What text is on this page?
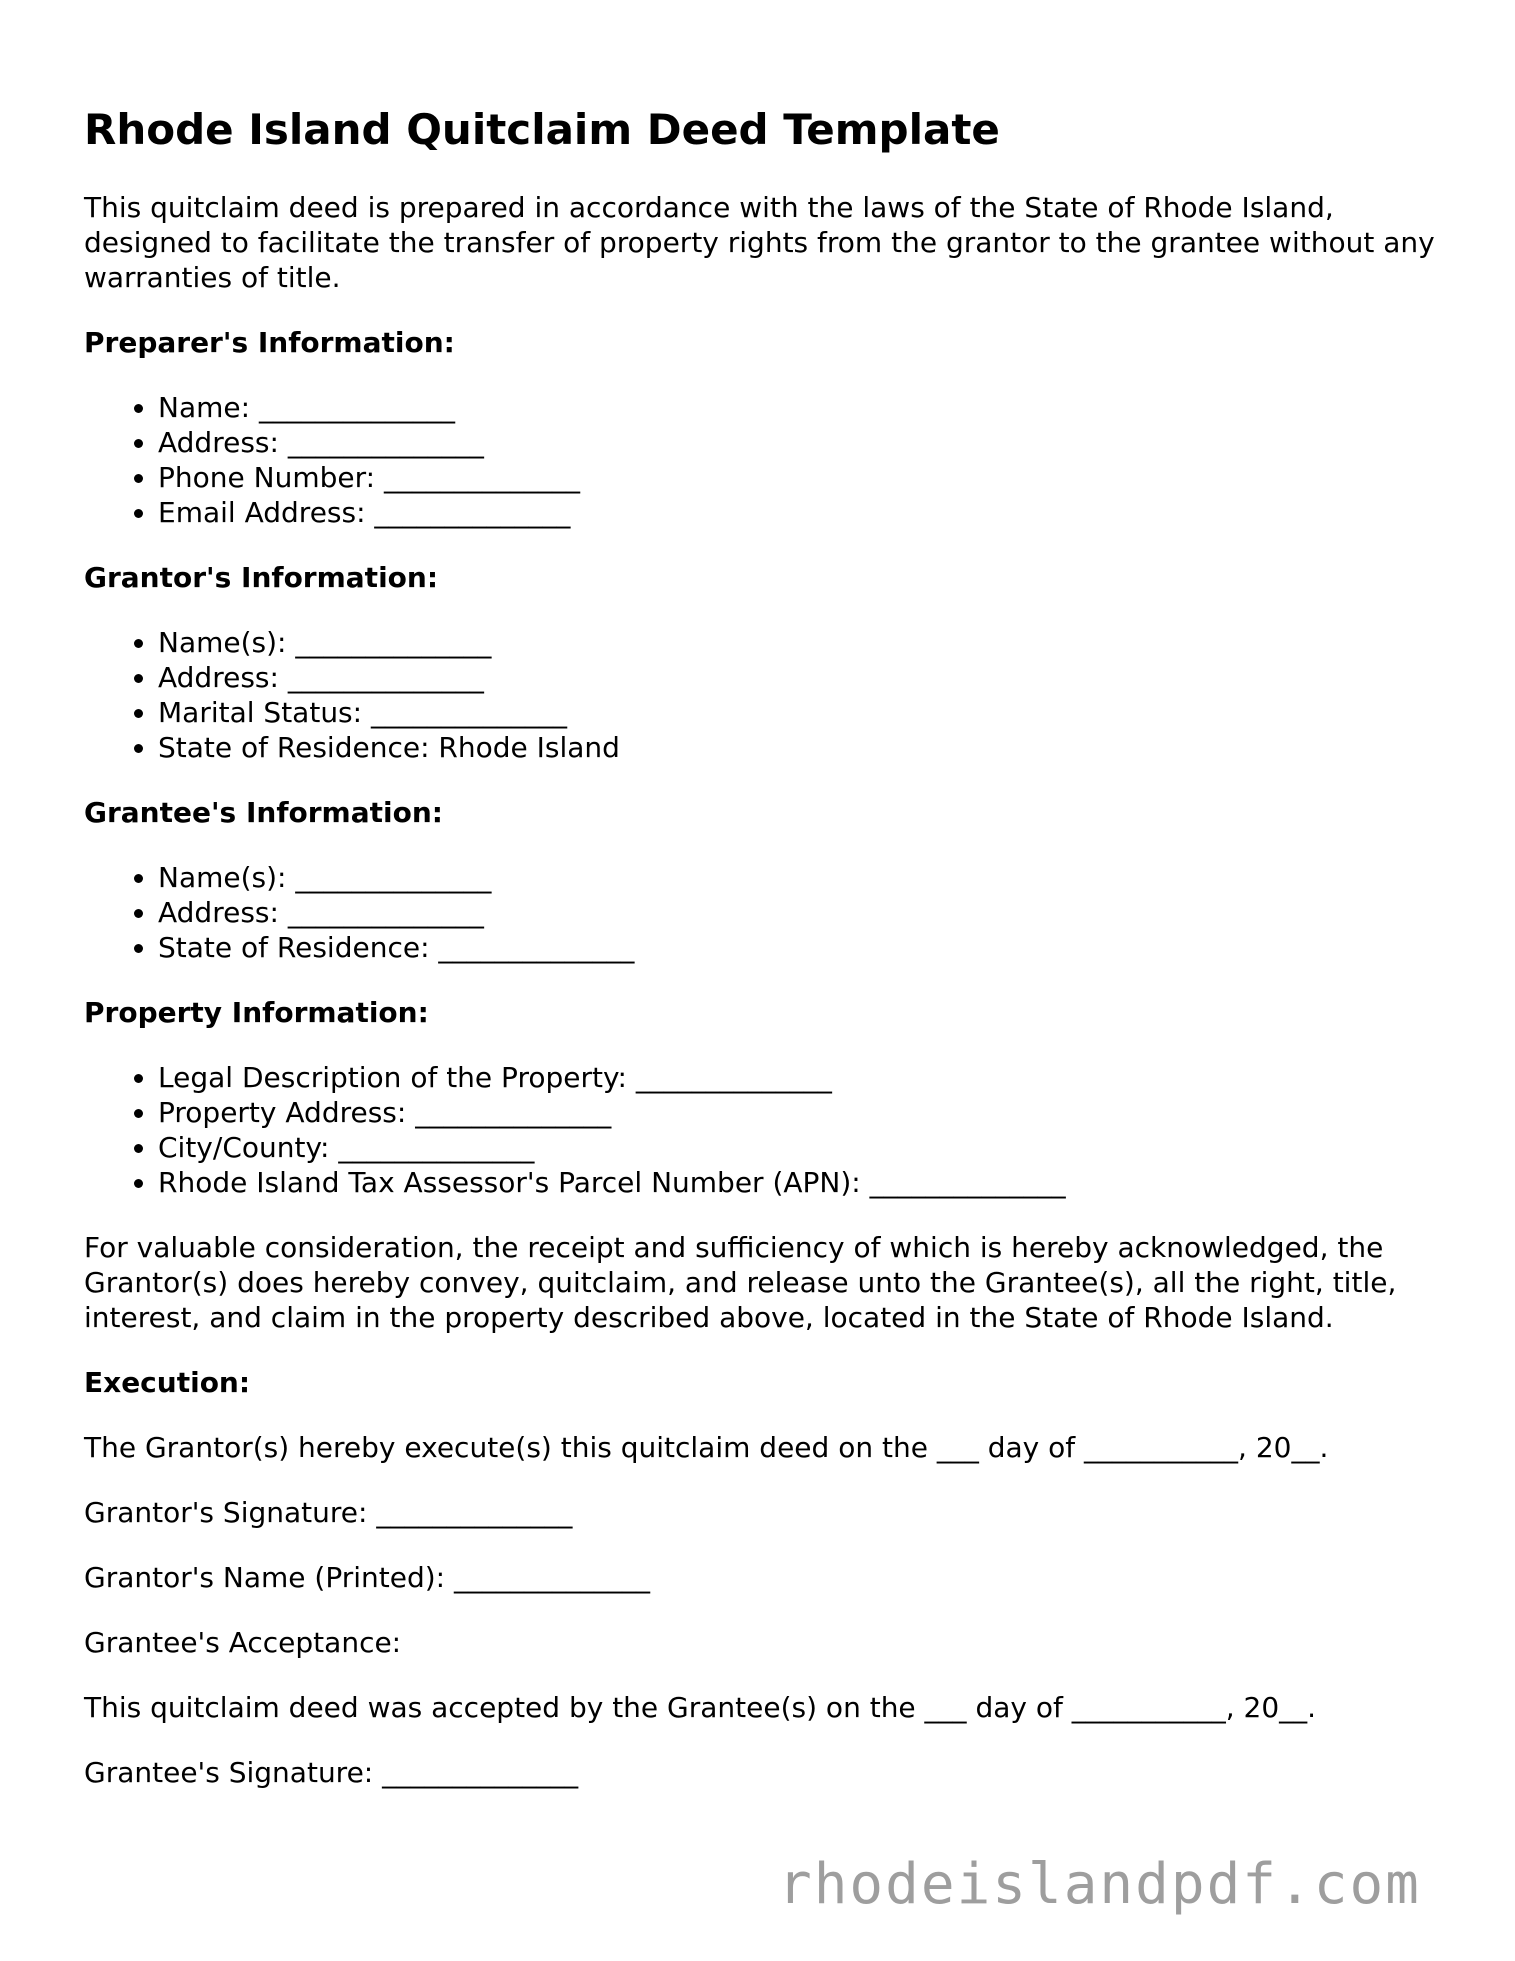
Rhode Island Quitclaim Deed Template

This quitclaim deed is prepared in accordance with the laws of the State of Rhode Island, designed to facilitate the transfer of property rights from the grantor to the grantee without any warranties of title.

Preparer's Information:
• Name: ______________
• Address: ______________
• Phone Number: ______________
• Email Address: ______________
Grantor's Information:
• Name(s): ______________
• Address: ______________
• Marital Status: ______________
• State of Residence: Rhode Island
Grantee's Information:
• Name(s): ______________
• Address: ______________
• State of Residence: ______________
Property Information:
• Legal Description of the Property: ______________
• Property Address: ______________
• City/County: ______________
• Rhode Island Tax Assessor's Parcel Number (APN): ______________

For valuable consideration, the receipt and sufficiency of which is hereby acknowledged, the Grantor(s) does hereby convey, quitclaim, and release unto the Grantee(s), all the right, title, interest, and claim in the property described above, located in the State of Rhode Island.

Execution:

The Grantor(s) hereby execute(s) this quitclaim deed on the ___ day of ___________, 20__.

Grantor's Signature: ______________

Grantor's Name (Printed): ______________

Grantee's Acceptance:

This quitclaim deed was accepted by the Grantee(s) on the ___ day of ___________, 20__.

Grantee's Signature: ______________

rhodeislandpdf.com
